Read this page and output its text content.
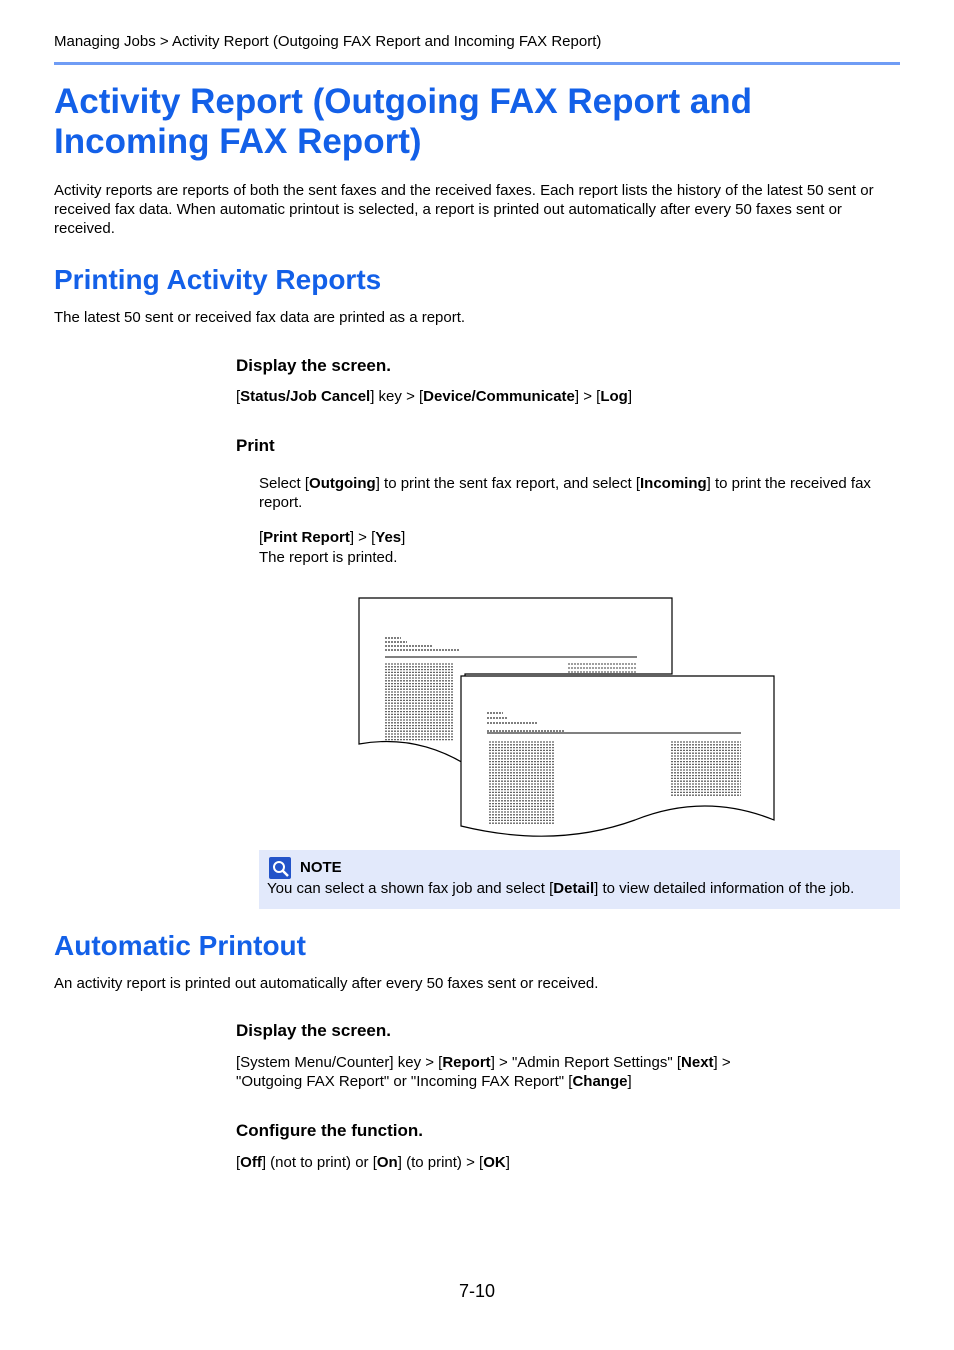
Managing Jobs > Activity Report (Outgoing FAX Report and Incoming FAX Report)
Activity Report (Outgoing FAX Report and
Incoming FAX Report)
Activity reports are reports of both the sent faxes and the received faxes. Each report lists the history of the latest 50 sent or received fax data. When automatic printout is selected, a report is printed out automatically after every 50 faxes sent or received.
Printing Activity Reports
The latest 50 sent or received fax data are printed as a report.
Display the screen.
[Status/Job Cancel] key > [Device/Communicate] > [Log]
Print
Select [Outgoing] to print the sent fax report, and select [Incoming] to print the received fax report.
[Print Report] > [Yes]
The report is printed.
NOTE
You can select a shown fax job and select [Detail] to view detailed information of the job.
Automatic Printout
An activity report is printed out automatically after every 50 faxes sent or received.
Display the screen.
[System Menu/Counter] key > [Report] > "Admin Report Settings" [Next] >
"Outgoing FAX Report" or "Incoming FAX Report" [Change]
Configure the function.
[Off] (not to print) or [On] (to print) > [OK]
7-10
